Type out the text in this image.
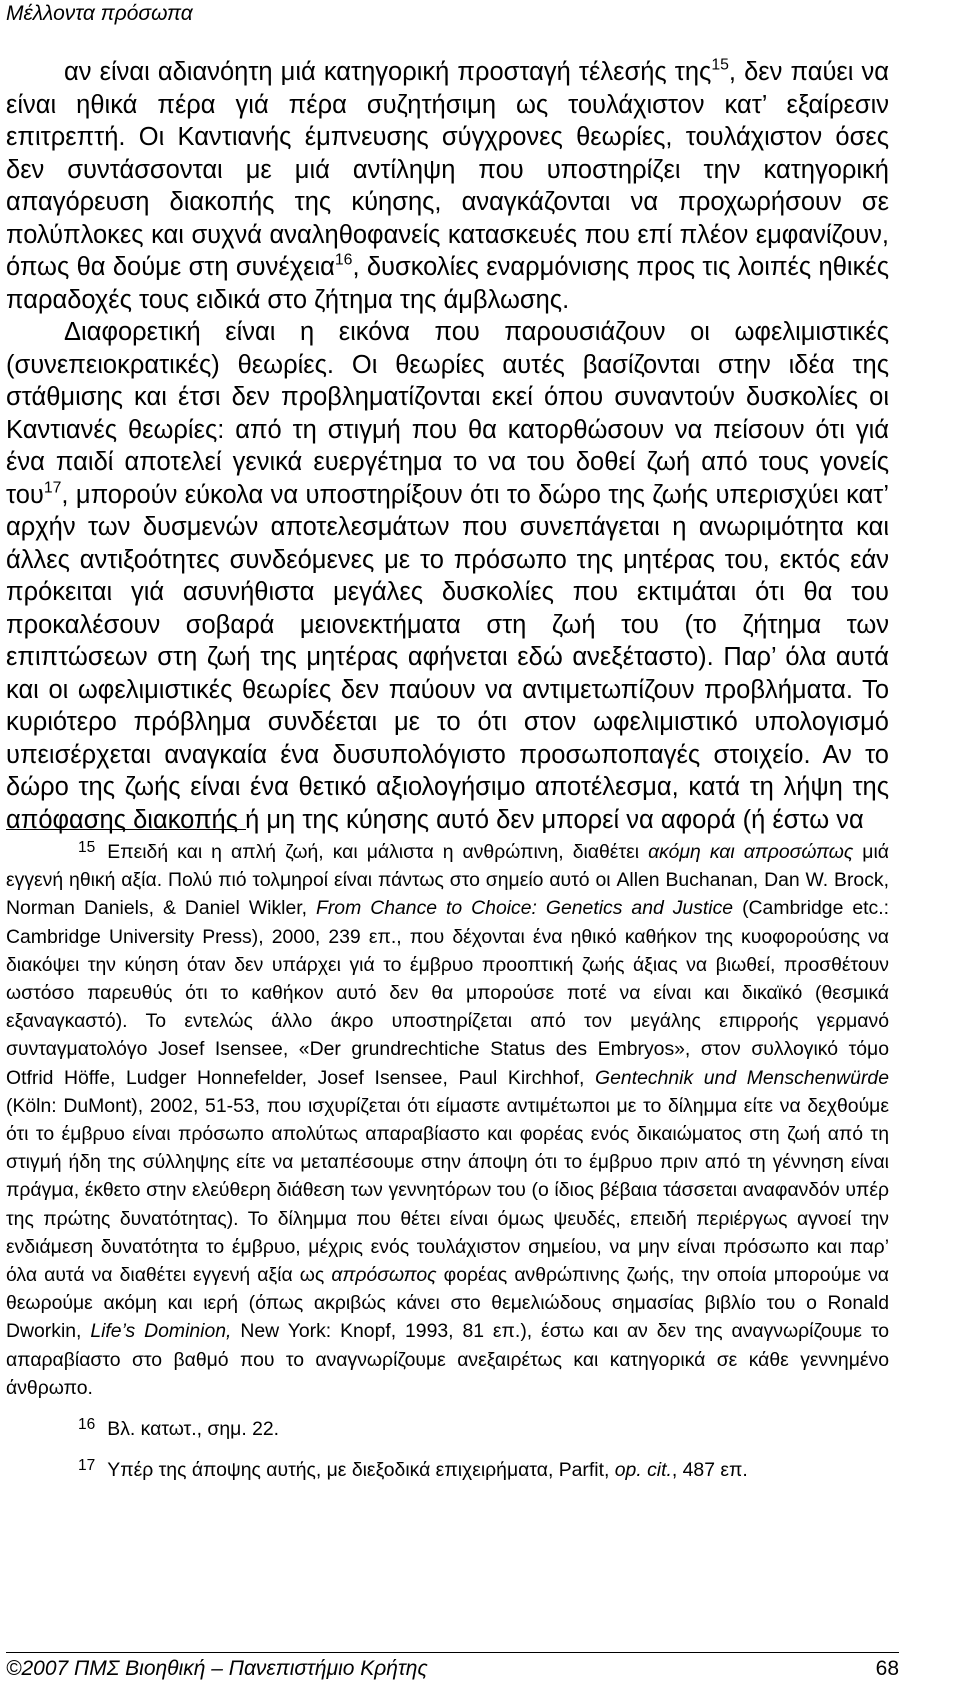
Μέλλοντα πρόσωπα

αν είναι αδιανόητη μιά κατηγορική προσταγή τέλεσής της$^{15}$, δεν παύει να είναι ηθικά πέρα γιά πέρα συζητήσιμη ως τουλάχιστον κατ’ εξαίρεσιν επιτρεπτή. Οι Καντιανής έμπνευσης σύγχρονες θεωρίες, τουλάχιστον όσες δεν συντάσσονται με μιά αντίληψη που υποστηρίζει την κατηγορική απαγόρευση διακοπής της κύησης, αναγκάζονται να προχωρήσουν σε πολύπλοκες και συχνά αναληθοφανείς κατασκευές που επί πλέον εμφανίζουν, όπως θα δούμε στη συνέχεια$^{16}$, δυσκολίες εναρμόνισης προς τις λοιπές ηθικές παραδοχές τους ειδικά στο ζήτημα της άμβλωσης.

Διαφορετική είναι η εικόνα που παρουσιάζουν οι ωφελιμιστικές (συνεπειοκρατικές) θεωρίες. Οι θεωρίες αυτές βασίζονται στην ιδέα της στάθμισης και έτσι δεν προβληματίζονται εκεί όπου συναντούν δυσκολίες οι Καντιανές θεωρίες: από τη στιγμή που θα κατορθώσουν να πείσουν ότι γιά ένα παιδί αποτελεί γενικά ευεργέτημα το να του δοθεί ζωή από τους γονείς του$^{17}$, μπορούν εύκολα να υποστηρίξουν ότι το δώρο της ζωής υπερισχύει κατ’ αρχήν των δυσμενών αποτελεσμάτων που συνεπάγεται η ανωριμότητα και άλλες αντιξοότητες συνδεόμενες με το πρόσωπο της μητέρας του, εκτός εάν πρόκειται γιά ασυνήθιστα μεγάλες δυσκολίες που εκτιμάται ότι θα του προκαλέσουν σοβαρά μειονεκτήματα στη ζωή του (το ζήτημα των επιπτώσεων στη ζωή της μητέρας αφήνεται εδώ ανεξέταστο). Παρ’ όλα αυτά και οι ωφελιμιστικές θεωρίες δεν παύουν να αντιμετωπίζουν προβλήματα. Το κυριότερο πρόβλημα συνδέεται με το ότι στον ωφελιμιστικό υπολογισμό υπεισέρχεται αναγκαία ένα δυσυπολόγιστο προσωποπαγές στοιχείο. Αν το δώρο της ζωής είναι ένα θετικό αξιολογήσιμο αποτέλεσμα, κατά τη λήψη της απόφασης διακοπής ή μη της κύησης αυτό δεν μπορεί να αφορά (ή έστω να

$^{15}$ Επειδή και η απλή ζωή, και μάλιστα η ανθρώπινη, διαθέτει ακόμη και απροσώπως μιά εγγενή ηθική αξία. Πολύ πιό τολμηροί είναι πάντως στο σημείο αυτό οι Allen Buchanan, Dan W. Brock, Norman Daniels, & Daniel Wikler, From Chance to Choice: Genetics and Justice (Cambridge etc.: Cambridge University Press), 2000, 239 επ., που δέχονται ένα ηθικό καθήκον της κυοφορούσης να διακόψει την κύηση όταν δεν υπάρχει γιά το έμβρυο προοπτική ζωής άξιας να βιωθεί, προσθέτουν ωστόσο παρευθύς ότι το καθήκον αυτό δεν θα μπορούσε ποτέ να είναι και δικαϊκό (θεσμικά εξαναγκαστό). Το εντελώς άλλο άκρο υποστηρίζεται από τον μεγάλης επιρροής γερμανό συνταγματολόγο Josef Isensee, «Der grundrechtiche Status des Embryos», στον συλλογικό τόμο Otfrid Höffe, Ludger Honnefelder, Josef Isensee, Paul Kirchhof, Gentechnik und Menschenwürde (Köln: DuMont), 2002, 51-53, που ισχυρίζεται ότι είμαστε αντιμέτωποι με το δίλημμα είτε να δεχθούμε ότι το έμβρυο είναι πρόσωπο απολύτως απαραβίαστο και φορέας ενός δικαιώματος στη ζωή από τη στιγμή ήδη της σύλληψης είτε να μεταπέσουμε στην άποψη ότι το έμβρυο πριν από τη γέννηση είναι πράγμα, έκθετο στην ελεύθερη διάθεση των γεννητόρων του (ο ίδιος βέβαια τάσσεται αναφανδόν υπέρ της πρώτης δυνατότητας). Το δίλημμα που θέτει είναι όμως ψευδές, επειδή περιέργως αγνοεί την ενδιάμεση δυνατότητα το έμβρυο, μέχρις ενός τουλάχιστον σημείου, να μην είναι πρόσωπο και παρ’ όλα αυτά να διαθέτει εγγενή αξία ως απρόσωπος φορέας ανθρώπινης ζωής, την οποία μπορούμε να θεωρούμε ακόμη και ιερή (όπως ακριβώς κάνει στο θεμελιώδους σημασίας βιβλίο του ο Ronald Dworkin, Life’s Dominion, New York: Knopf, 1993, 81 επ.), έστω και αν δεν της αναγνωρίζουμε το απαραβίαστο στο βαθμό που το αναγνωρίζουμε ανεξαιρέτως και κατηγορικά σε κάθε γεννημένο άνθρωπο.

$^{16}$ Βλ. κατωτ., σημ. 22.

$^{17}$ Υπέρ της άποψης αυτής, με διεξοδικά επιχειρήματα, Parfit, op. cit., 487 επ.

©2007 ΠΜΣ Βιοηθική – Πανεπιστήμιο Κρήτης	68
